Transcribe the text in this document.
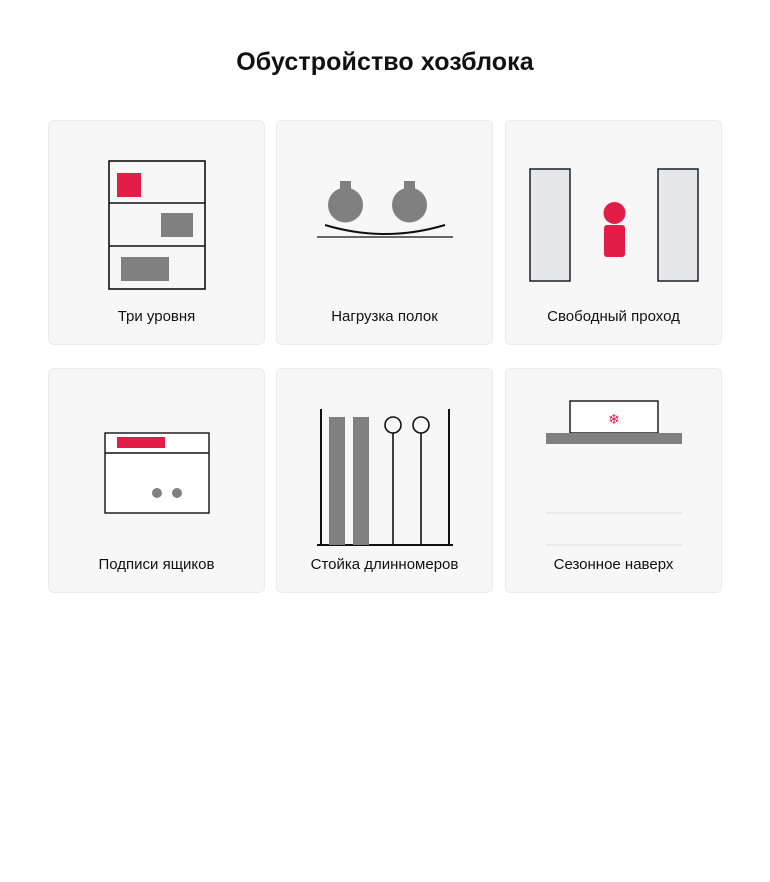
Обустройство хозблока
Три уровня	Нагрузка полок	Свободный проход
Подписи ящиков	Стойка длинномеров
❄
Сезонное наверх
